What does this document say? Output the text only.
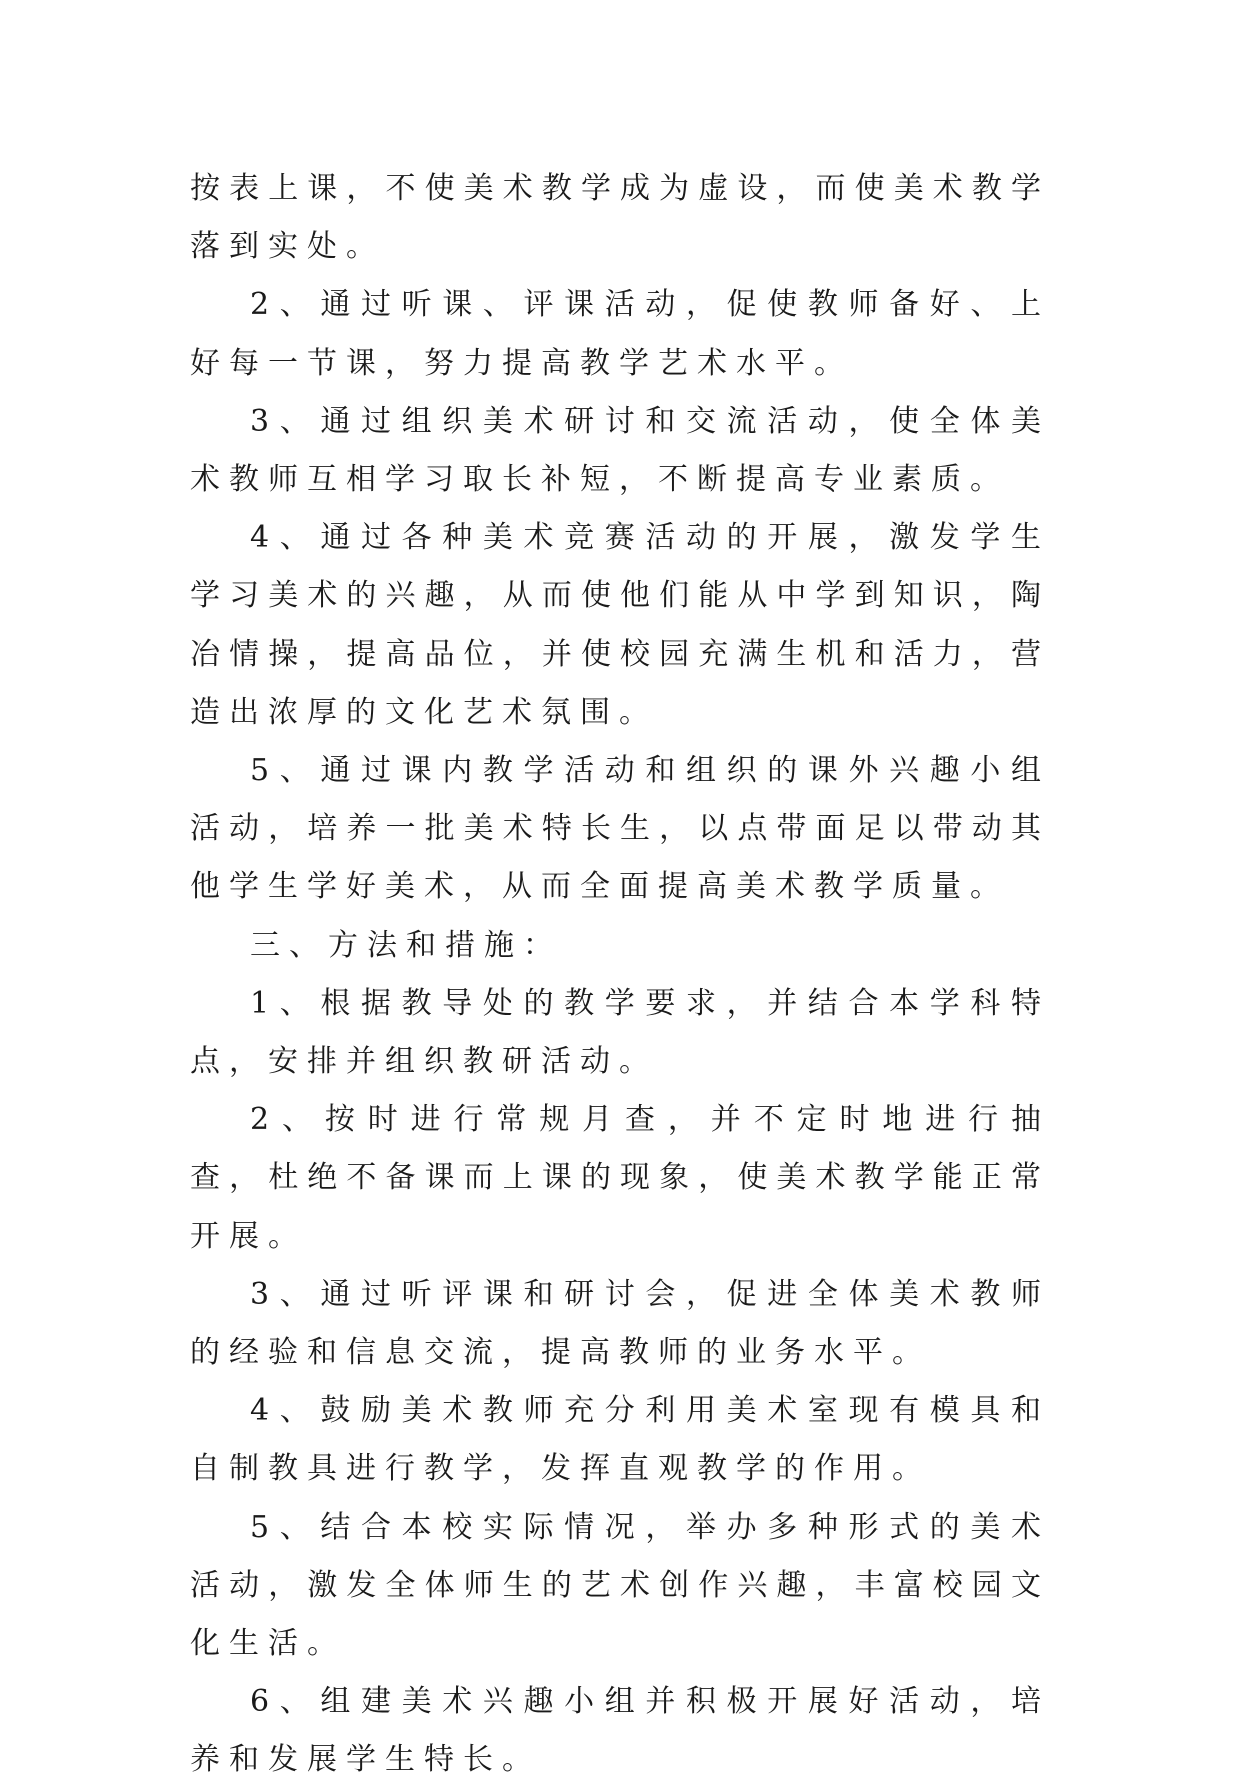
按表上课，不使美术教学成为虚设，而使美术教学落到实处。

2、通过听课、评课活动，促使教师备好、上好每一节课，努力提高教学艺术水平。

3、通过组织美术研讨和交流活动，使全体美术教师互相学习取长补短，不断提高专业素质。

4、通过各种美术竞赛活动的开展，激发学生学习美术的兴趣，从而使他们能从中学到知识，陶冶情操，提高品位，并使校园充满生机和活力，营造出浓厚的文化艺术氛围。

5、通过课内教学活动和组织的课外兴趣小组活动，培养一批美术特长生，以点带面足以带动其他学生学好美术，从而全面提高美术教学质量。

三、方法和措施：

1、根据教导处的教学要求，并结合本学科特点，安排并组织教研活动。

2、按时进行常规月查，并不定时地进行抽查，杜绝不备课而上课的现象，使美术教学能正常开展。

3、通过听评课和研讨会，促进全体美术教师的经验和信息交流，提高教师的业务水平。

4、鼓励美术教师充分利用美术室现有模具和自制教具进行教学，发挥直观教学的作用。

5、结合本校实际情况，举办多种形式的美术活动，激发全体师生的艺术创作兴趣，丰富校园文化生活。

6、组建美术兴趣小组并积极开展好活动，培养和发展学生特长。
